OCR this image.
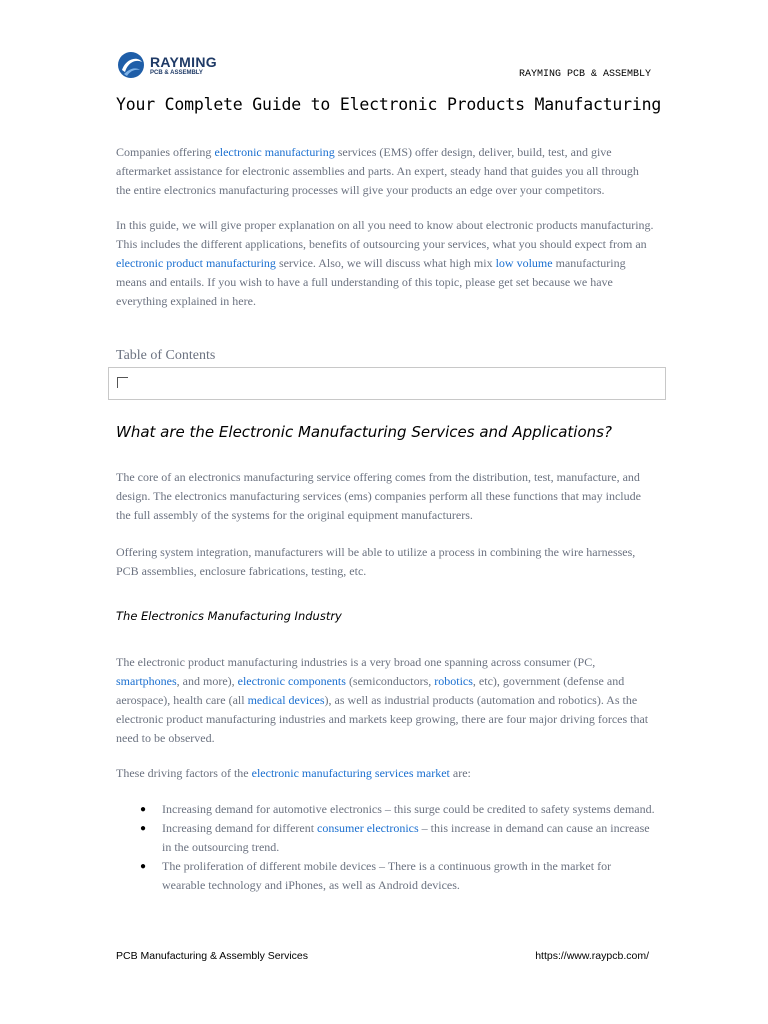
RAYMING
PCB & ASSEMBLY	RAYMING PCB & ASSEMBLY
Your Complete Guide to Electronic Products Manufacturing

Companies offering electronic manufacturing services (EMS) offer design, deliver, build, test, and give aftermarket assistance for electronic assemblies and parts. An expert, steady hand that guides you all through the entire electronics manufacturing processes will give your products an edge over your competitors.

In this guide, we will give proper explanation on all you need to know about electronic products manufacturing. This includes the different applications, benefits of outsourcing your services, what you should expect from an electronic product manufacturing service. Also, we will discuss what high mix low volume manufacturing means and entails. If you wish to have a full understanding of this topic, please get set because we have everything explained in here.

Table of Contents
What are the Electronic Manufacturing Services and Applications?

The core of an electronics manufacturing service offering comes from the distribution, test, manufacture, and design. The electronics manufacturing services (ems) companies perform all these functions that may include the full assembly of the systems for the original equipment manufacturers.

Offering system integration, manufacturers will be able to utilize a process in combining the wire harnesses, PCB assemblies, enclosure fabrications, testing, etc.

The Electronics Manufacturing Industry

The electronic product manufacturing industries is a very broad one spanning across consumer (PC, smartphones, and more), electronic components (semiconductors, robotics, etc), government (defense and aerospace), health care (all medical devices), as well as industrial products (automation and robotics). As the electronic product manufacturing industries and markets keep growing, there are four major driving forces that need to be observed.

These driving factors of the electronic manufacturing services market are:

● Increasing demand for automotive electronics – this surge could be credited to safety systems demand.
● Increasing demand for different consumer electronics – this increase in demand can cause an increase in the outsourcing trend.
● The proliferation of different mobile devices – There is a continuous growth in the market for wearable technology and iPhones, as well as Android devices.
PCB Manufacturing & Assembly Services	https://www.raypcb.com/
